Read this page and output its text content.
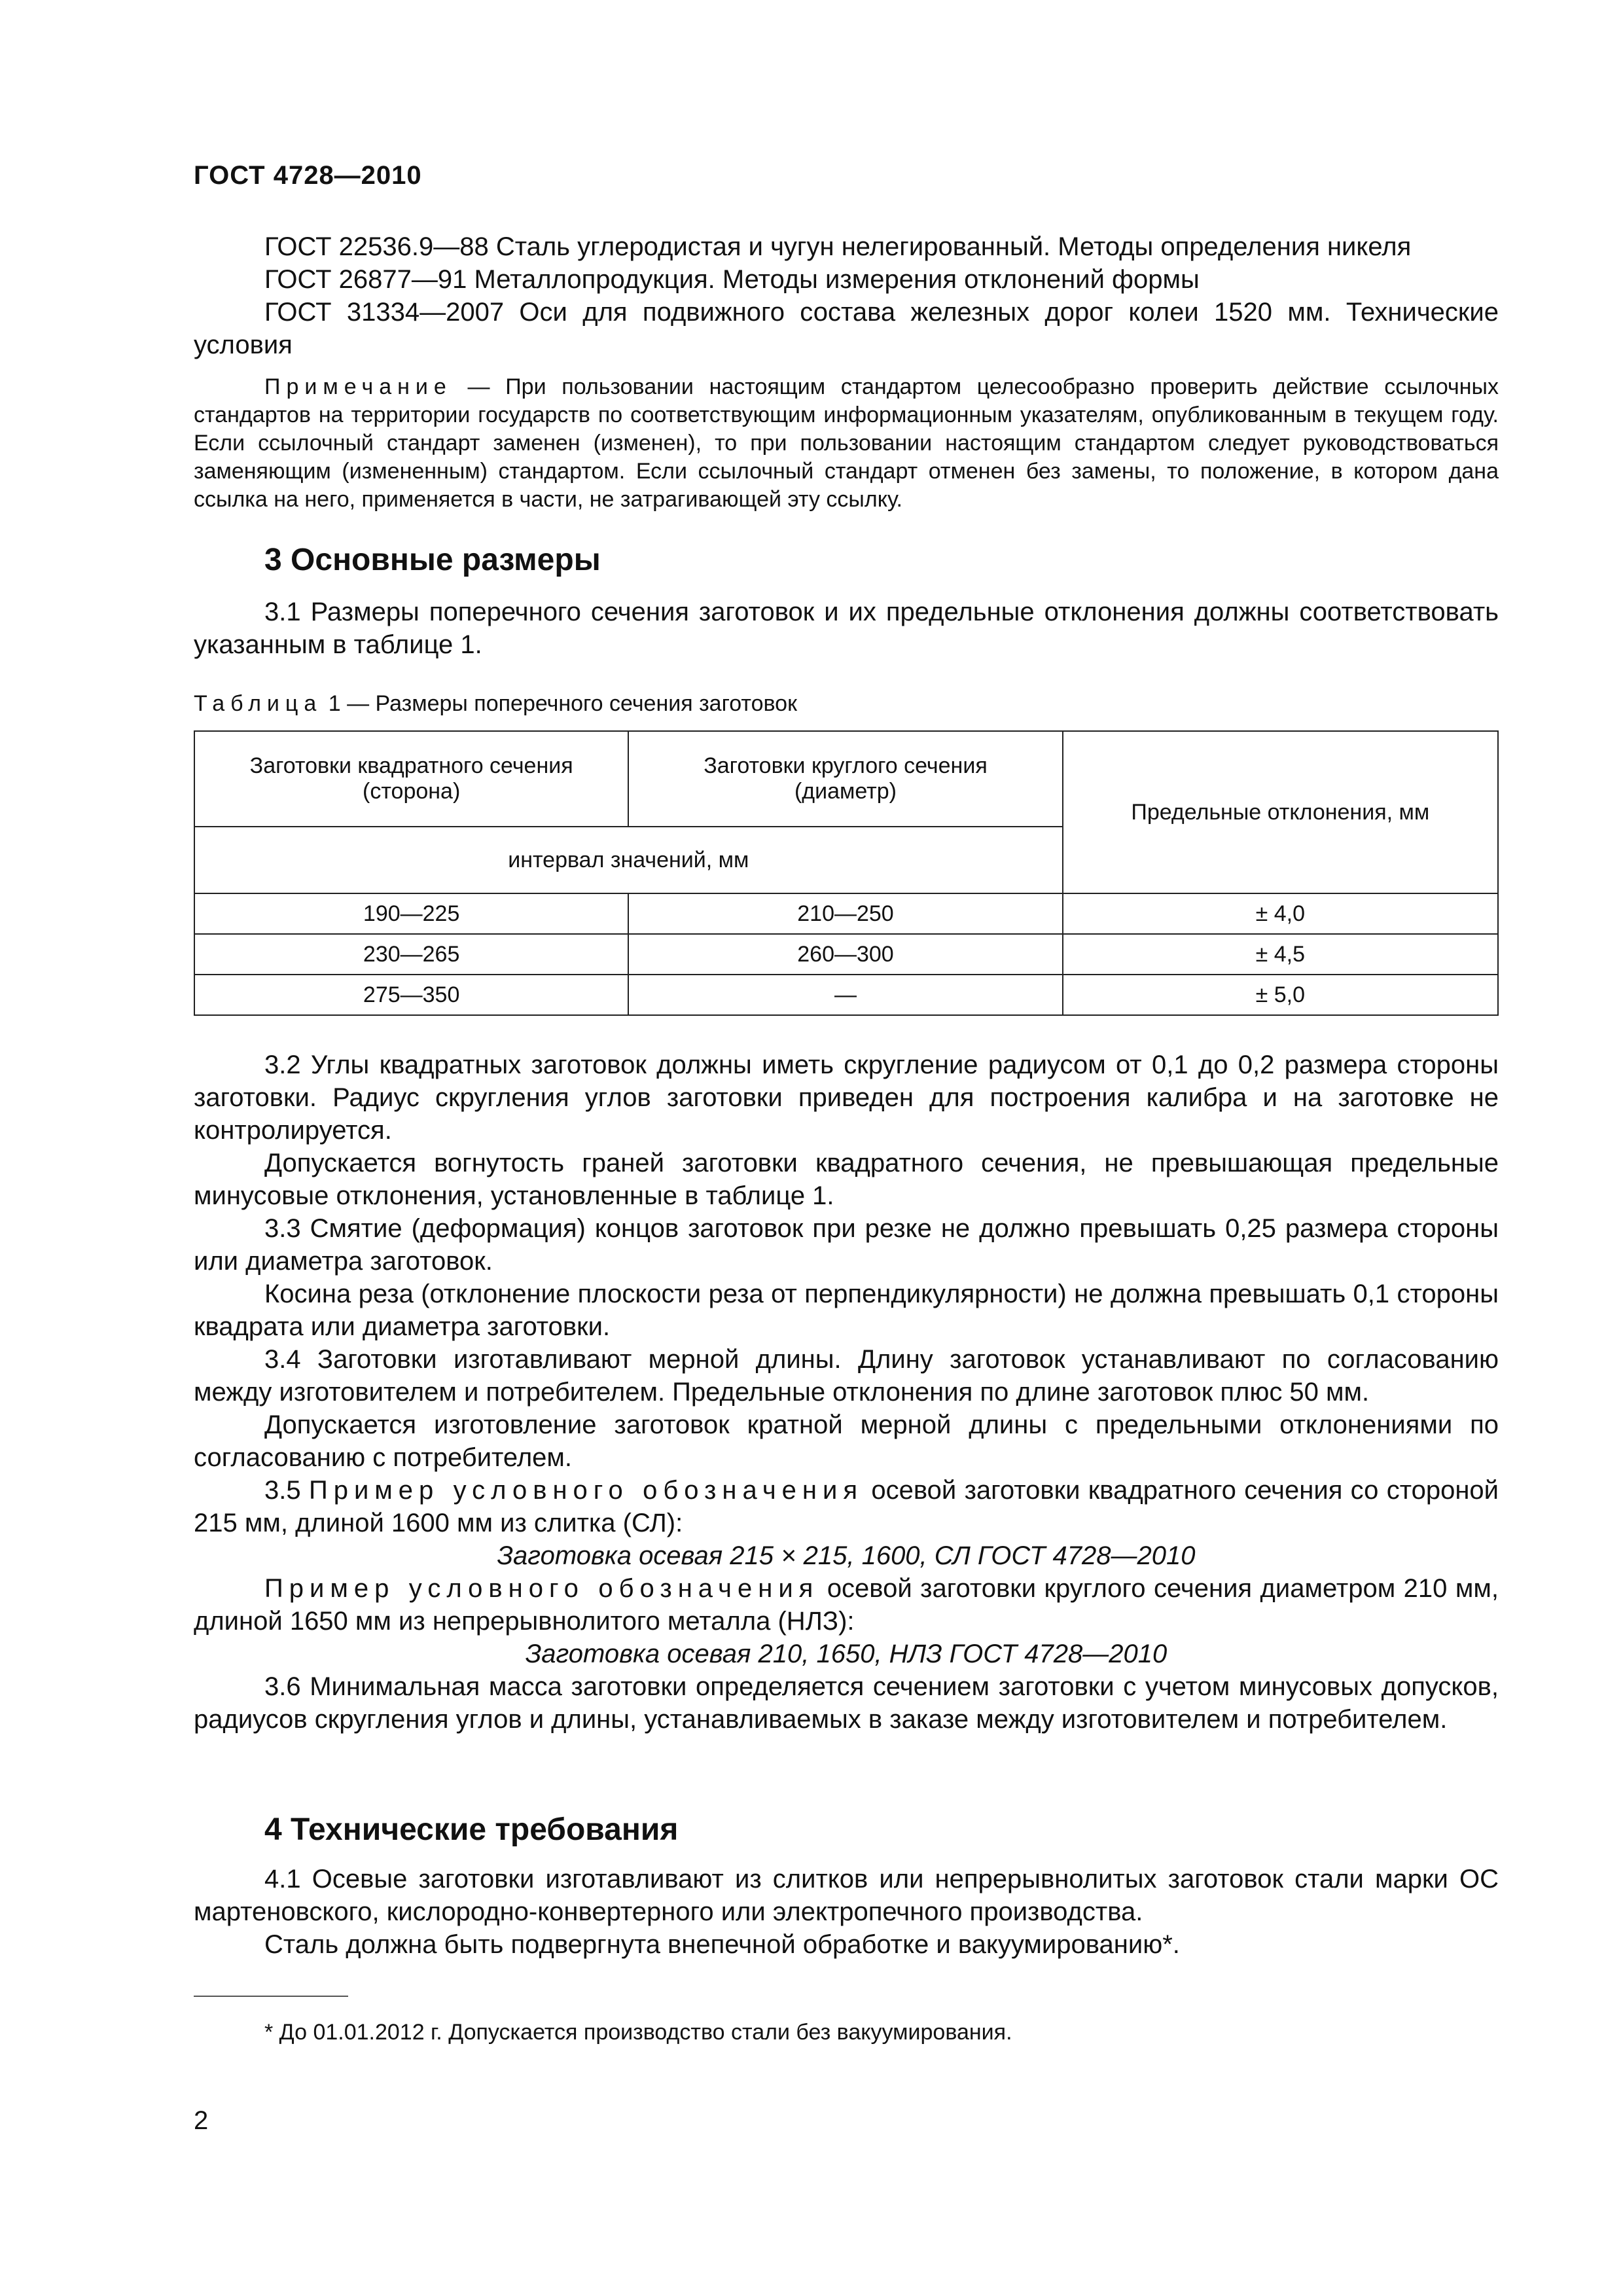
ГОСТ 4728—2010

ГОСТ 22536.9—88 Сталь углеродистая и чугун нелегированный. Методы определения никеля

ГОСТ 26877—91 Металлопродукция. Методы измерения отклонений формы

ГОСТ 31334—2007 Оси для подвижного состава железных дорог колеи 1520 мм. Технические условия

Примечание — При пользовании настоящим стандартом целесообразно проверить действие ссылочных стандартов на территории государств по соответствующим информационным указателям, опубликованным в текущем году. Если ссылочный стандарт заменен (изменен), то при пользовании настоящим стандартом следует руководствоваться заменяющим (измененным) стандартом. Если ссылочный стандарт отменен без замены, то положение, в котором дана ссылка на него, применяется в части, не затрагивающей эту ссылку.

3 Основные размеры

3.1 Размеры поперечного сечения заготовок и их предельные отклонения должны соответствовать указанным в таблице 1.

Таблица 1 — Размеры поперечного сечения заготовок
Заготовки квадратного сечения (сторона)	Заготовки круглого сечения (диаметр)	Предельные отклонения, мм
интервал значений, мм		
190—225	210—250	± 4,0
230—265	260—300	± 4,5
275—350	—	± 5,0

3.2 Углы квадратных заготовок должны иметь скругление радиусом от 0,1 до 0,2 размера стороны заготовки. Радиус скругления углов заготовки приведен для построения калибра и на заготовке не контролируется.

Допускается вогнутость граней заготовки квадратного сечения, не превышающая предельные минусовые отклонения, установленные в таблице 1.

3.3 Смятие (деформация) концов заготовок при резке не должно превышать 0,25 размера стороны или диаметра заготовок.

Косина реза (отклонение плоскости реза от перпендикулярности) не должна превышать 0,1 стороны квадрата или диаметра заготовки.

3.4 Заготовки изготавливают мерной длины. Длину заготовок устанавливают по согласованию между изготовителем и потребителем. Предельные отклонения по длине заготовок плюс 50 мм.

Допускается изготовление заготовок кратной мерной длины с предельными отклонениями по согласованию с потребителем.

3.5 Пример условного обозначения осевой заготовки квадратного сечения со стороной 215 мм, длиной 1600 мм из слитка (СЛ):

Заготовка осевая 215 × 215, 1600, СЛ ГОСТ 4728—2010

Пример условного обозначения осевой заготовки круглого сечения диаметром 210 мм, длиной 1650 мм из непрерывнолитого металла (НЛЗ):

Заготовка осевая 210, 1650, НЛЗ ГОСТ 4728—2010

3.6 Минимальная масса заготовки определяется сечением заготовки с учетом минусовых допусков, радиусов скругления углов и длины, устанавливаемых в заказе между изготовителем и потребителем.

4 Технические требования

4.1 Осевые заготовки изготавливают из слитков или непрерывнолитых заготовок стали марки ОС мартеновского, кислородно-конвертерного или электропечного производства.

Сталь должна быть подвергнута внепечной обработке и вакуумированию*.

* До 01.01.2012 г. Допускается производство стали без вакуумирования.
2
